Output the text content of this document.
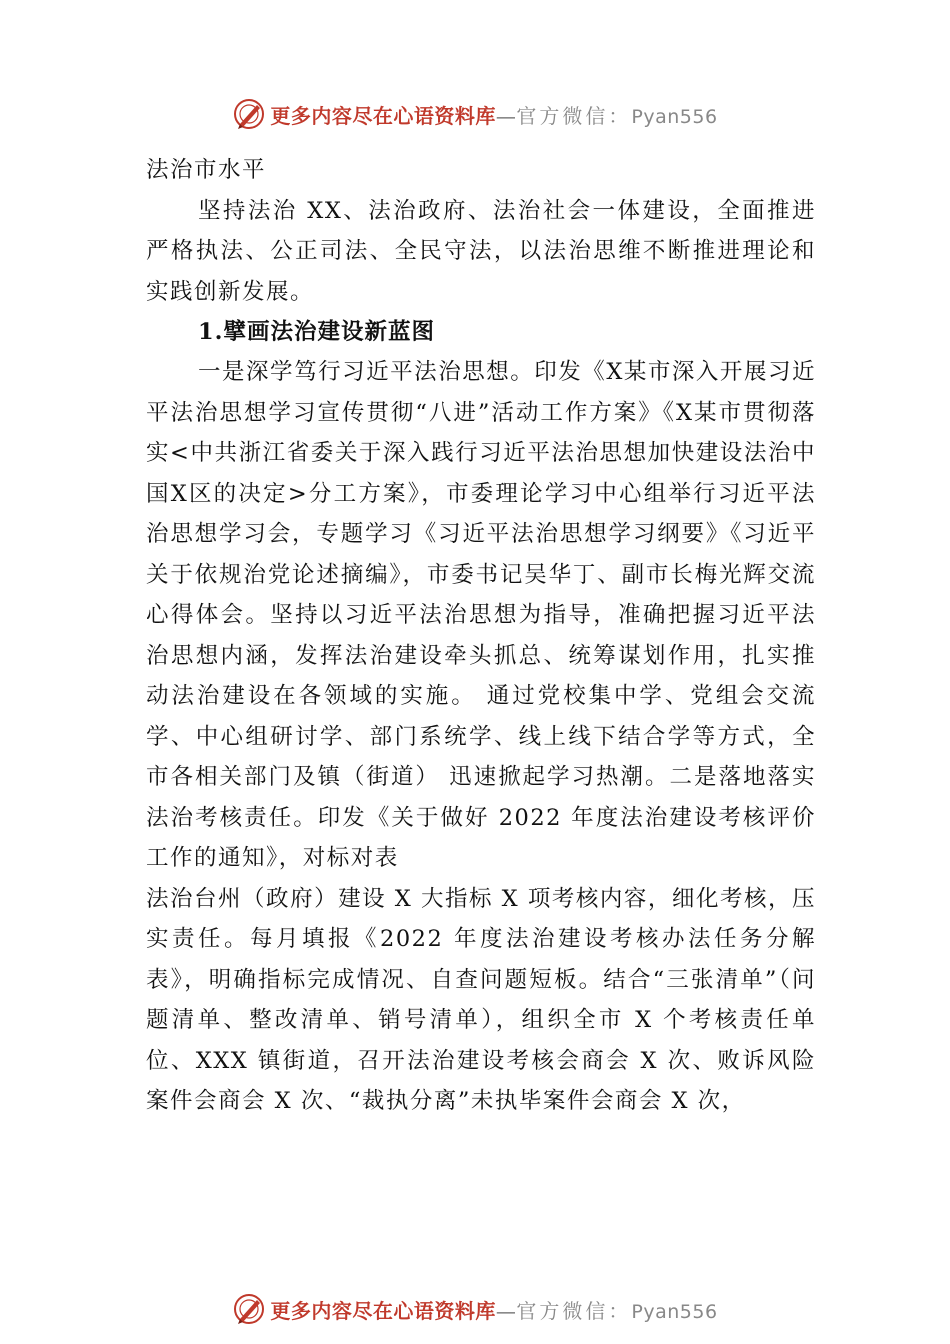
更多内容尽在心语资料库—官方微信：Pyan556

法治市水平

坚持法治 XX、法治政府、法治社会一体建设，全面推进严格执法、公正司法、全民守法，以法治思维不断推进理论和实践创新发展。

1.擘画法治建设新蓝图

一是深学笃行习近平法治思想。印发《X某市深入开展习近平法治思想学习宣传贯彻“八进”活动工作方案》《X某市贯彻落实<中共浙江省委关于深入践行习近平法治思想加快建设法治中国X区的决定>分工方案》，市委理论学习中心组举行习近平法治思想学习会，专题学习《习近平法治思想学习纲要》《习近平关于依规治党论述摘编》，市委书记吴华丁、副市长梅光辉交流心得体会。坚持以习近平法治思想为指导，准确把握习近平法治思想内涵，发挥法治建设牵头抓总、统筹谋划作用，扎实推动法治建设在各领域的实施。 通过党校集中学、党组会交流学、中心组研讨学、部门系统学、线上线下结合学等方式，全市各相关部门及镇（街道） 迅速掀起学习热潮。二是落地落实法治考核责任。印发《关于做好 2022 年度法治建设考核评价工作的通知》，对标对表

法治台州（政府）建设 X 大指标 X 项考核内容，细化考核，压实责任。每月填报《2022 年度法治建设考核办法任务分解表》，明确指标完成情况、自查问题短板。结合“三张清单”（问题清单、整改清单、销号清单），组织全市 X 个考核责任单位、XXX 镇街道，召开法治建设考核会商会 X 次、败诉风险案件会商会 X 次、“裁执分离”未执毕案件会商会 X 次，

更多内容尽在心语资料库—官方微信：Pyan556
